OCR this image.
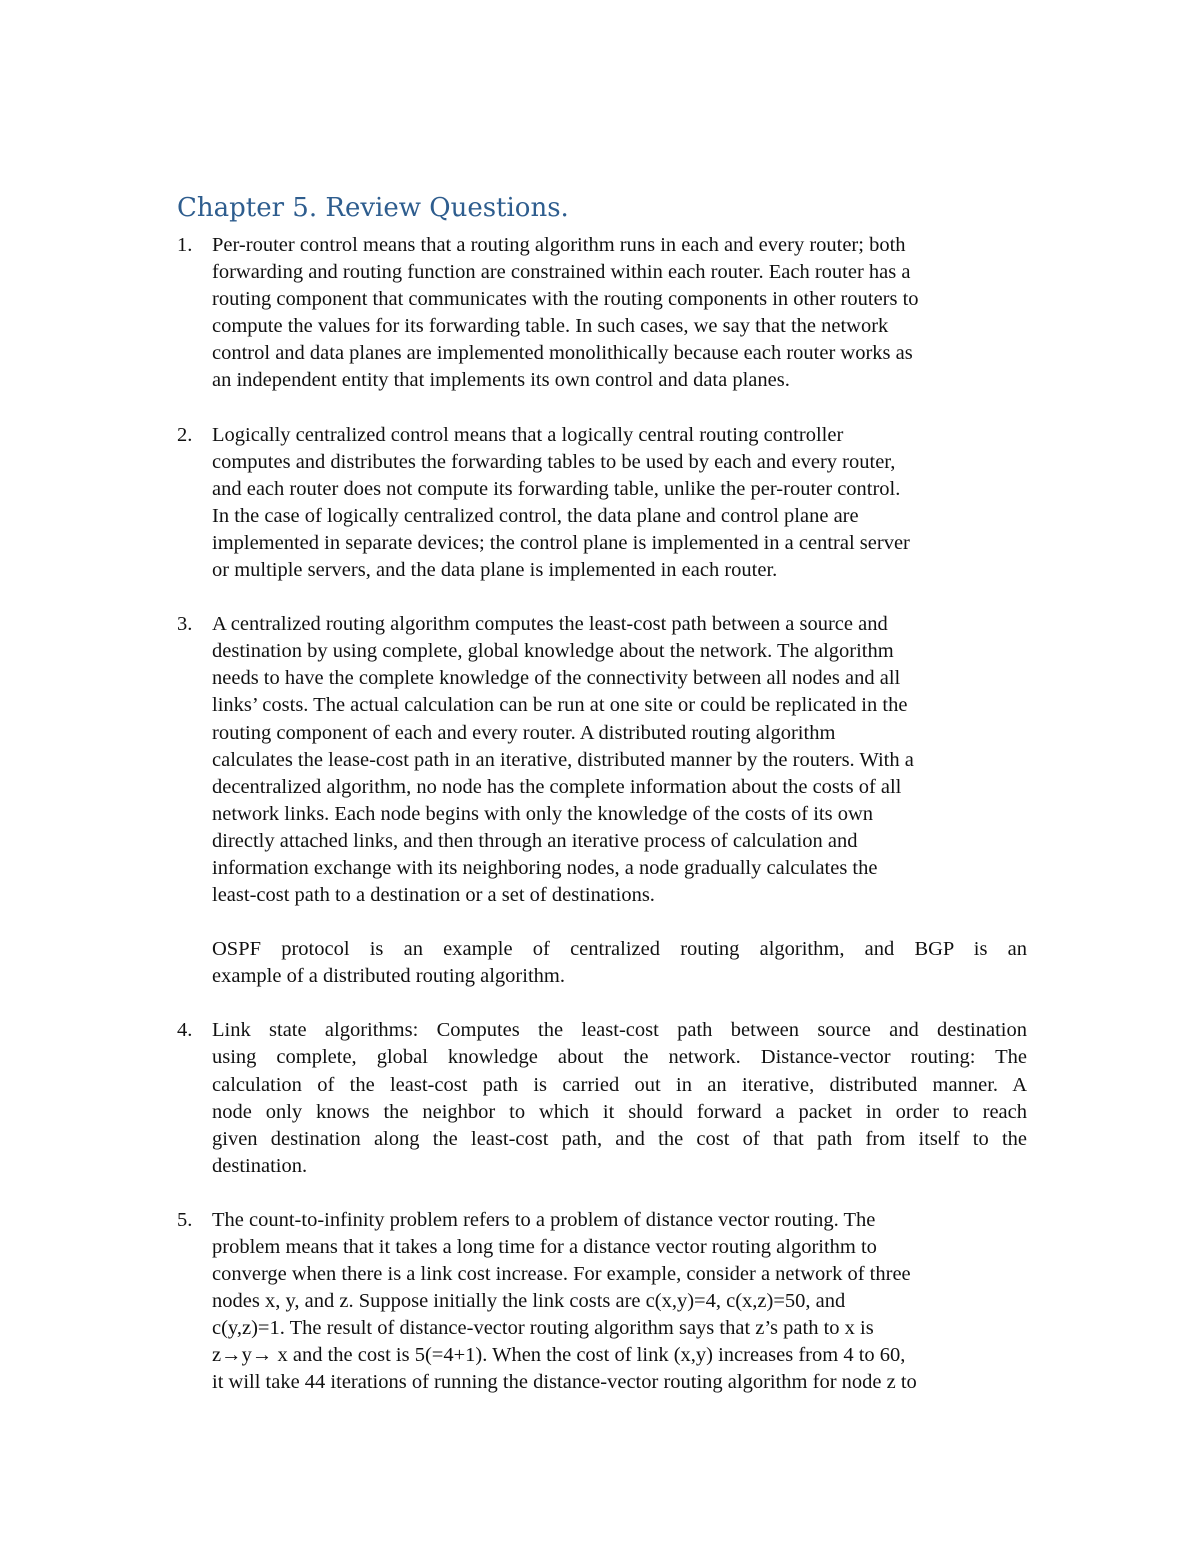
Chapter 5. Review Questions.
1. Per-router control means that a routing algorithm runs in each and every router; both
forwarding and routing function are constrained within each router. Each router has a
routing component that communicates with the routing components in other routers to
compute the values for its forwarding table. In such cases, we say that the network
control and data planes are implemented monolithically because each router works as
an independent entity that implements its own control and data planes.
2. Logically centralized control means that a logically central routing controller
computes and distributes the forwarding tables to be used by each and every router,
and each router does not compute its forwarding table, unlike the per-router control.
In the case of logically centralized control, the data plane and control plane are
implemented in separate devices; the control plane is implemented in a central server
or multiple servers, and the data plane is implemented in each router.
3. A centralized routing algorithm computes the least-cost path between a source and
destination by using complete, global knowledge about the network. The algorithm
needs to have the complete knowledge of the connectivity between all nodes and all
links’ costs. The actual calculation can be run at one site or could be replicated in the
routing component of each and every router. A distributed routing algorithm
calculates the lease-cost path in an iterative, distributed manner by the routers. With a
decentralized algorithm, no node has the complete information about the costs of all
network links. Each node begins with only the knowledge of the costs of its own
directly attached links, and then through an iterative process of calculation and
information exchange with its neighboring nodes, a node gradually calculates the
least-cost path to a destination or a set of destinations.
OSPF protocol is an example of centralized routing algorithm, and BGP is an
example of a distributed routing algorithm.
4. Link state algorithms: Computes the least-cost path between source and destination
using complete, global knowledge about the network. Distance-vector routing: The
calculation of the least-cost path is carried out in an iterative, distributed manner. A
node only knows the neighbor to which it should forward a packet in order to reach
given destination along the least-cost path, and the cost of that path from itself to the
destination.
5. The count-to-infinity problem refers to a problem of distance vector routing. The
problem means that it takes a long time for a distance vector routing algorithm to
converge when there is a link cost increase. For example, consider a network of three
nodes x, y, and z. Suppose initially the link costs are c(x,y)=4, c(x,z)=50, and
c(y,z)=1. The result of distance-vector routing algorithm says that z’s path to x is
z→y→ x and the cost is 5(=4+1). When the cost of link (x,y) increases from 4 to 60,
it will take 44 iterations of running the distance-vector routing algorithm for node z to
